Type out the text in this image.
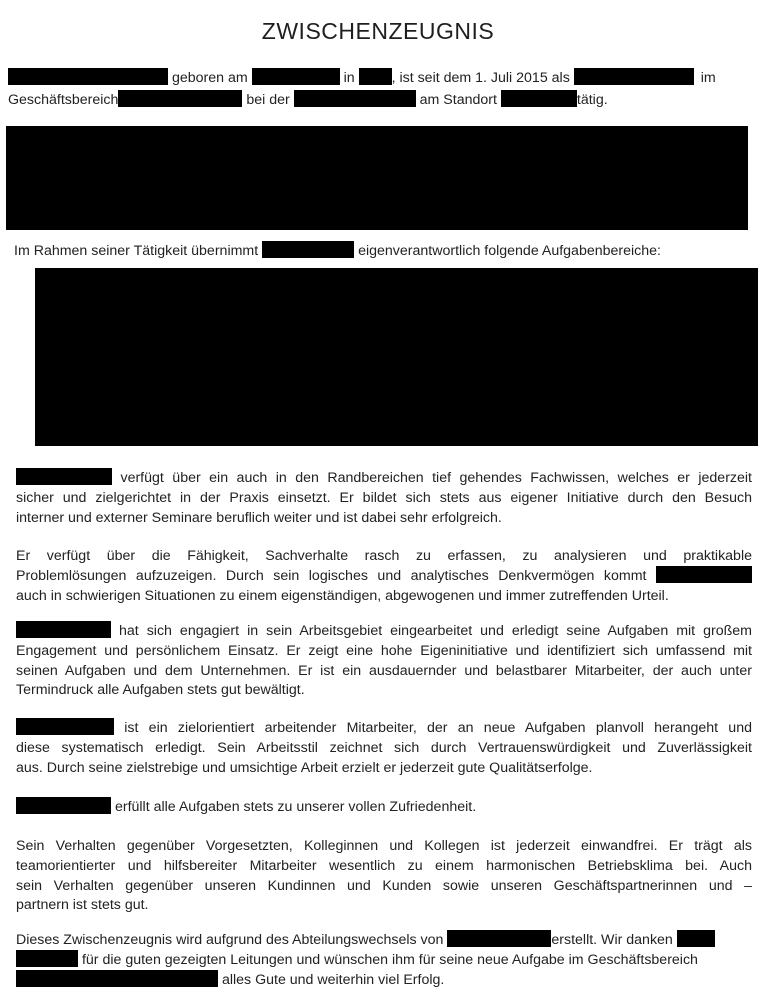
ZWISCHENZEUGNIS
geboren am	in	, ist seit dem 1. Juli 2015 als	im
Geschäftsbereich	bei der	am Standort	tätig.
Im Rahmen seiner Tätigkeit übernimmt	eigenverantwortlich folgende Aufgabenbereiche:
verfügt über ein auch in den Randbereichen tief gehendes Fachwissen, welches er jederzeit
sicher und zielgerichtet in der Praxis einsetzt. Er bildet sich stets aus eigener Initiative durch den Besuch
interner und externer Seminare beruflich weiter und ist dabei sehr erfolgreich.
Er verfügt über die Fähigkeit, Sachverhalte rasch zu erfassen, zu analysieren und praktikable
Problemlösungen aufzuzeigen. Durch sein logisches und analytisches Denkvermögen kommt
auch in schwierigen Situationen zu einem eigenständigen, abgewogenen und immer zutreffenden Urteil.
hat sich engagiert in sein Arbeitsgebiet eingearbeitet und erledigt seine Aufgaben mit großem
Engagement und persönlichem Einsatz. Er zeigt eine hohe Eigeninitiative und identifiziert sich umfassend mit
seinen Aufgaben und dem Unternehmen. Er ist ein ausdauernder und belastbarer Mitarbeiter, der auch unter
Termindruck alle Aufgaben stets gut bewältigt.
ist ein zielorientiert arbeitender Mitarbeiter, der an neue Aufgaben planvoll herangeht und
diese systematisch erledigt. Sein Arbeitsstil zeichnet sich durch Vertrauenswürdigkeit und Zuverlässigkeit
aus. Durch seine zielstrebige und umsichtige Arbeit erzielt er jederzeit gute Qualitätserfolge.
erfüllt alle Aufgaben stets zu unserer vollen Zufriedenheit.
Sein Verhalten gegenüber Vorgesetzten, Kolleginnen und Kollegen ist jederzeit einwandfrei. Er trägt als
teamorientierter und hilfsbereiter Mitarbeiter wesentlich zu einem harmonischen Betriebsklima bei. Auch
sein Verhalten gegenüber unseren Kundinnen und Kunden sowie unseren Geschäftspartnerinnen und –
partnern ist stets gut.
Dieses Zwischenzeugnis wird aufgrund des Abteilungswechsels von	erstellt. Wir danken
für die guten gezeigten Leitungen und wünschen ihm für seine neue Aufgabe im Geschäftsbereich
alles Gute und weiterhin viel Erfolg.
